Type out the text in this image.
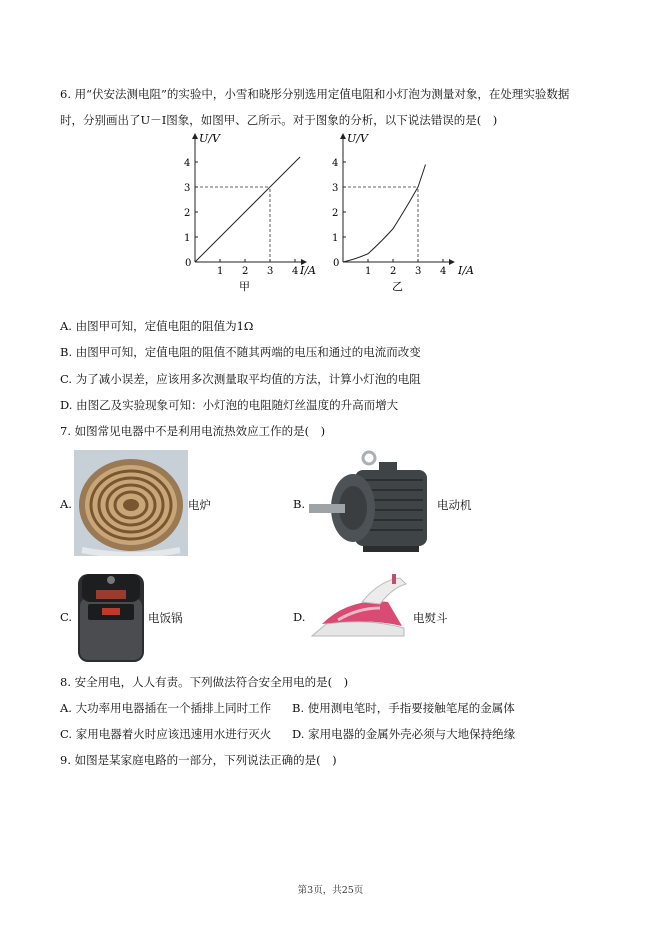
6. 用“伏安法测电阻”的实验中，小雪和晓彤分别选用定值电阻和小灯泡为测量对象，在处理实验数据
时，分别画出了U－I图象，如图甲、乙所示。对于图象的分析，以下说法错误的是(　)
1 2 3 4
1
2
3
4
U/V
I/A
0
甲
1 2 3 4
1
2
3
4
U/V
I/A
0
乙
A. 由图甲可知，定值电阻的阻值为1Ω
B. 由图甲可知，定值电阻的阻值不随其两端的电压和通过的电流而改变
C. 为了减小误差，应该用多次测量取平均值的方法，计算小灯泡的电阻
D. 由图乙及实验现象可知：小灯泡的电阻随灯丝温度的升高而增大
7. 如图常见电器中不是利用电流热效应工作的是(　)
A.	电炉	B.	电动机
C.	电饭锅	D.	电熨斗
8. 安全用电，人人有责。下列做法符合安全用电的是(　)
A. 大功率用电器插在一个插排上同时工作 B. 使用测电笔时，手指要接触笔尾的金属体
C. 家用电器着火时应该迅速用水进行灭火 D. 家用电器的金属外壳必须与大地保持绝缘
9. 如图是某家庭电路的一部分，下列说法正确的是(　)
第3页，共25页
